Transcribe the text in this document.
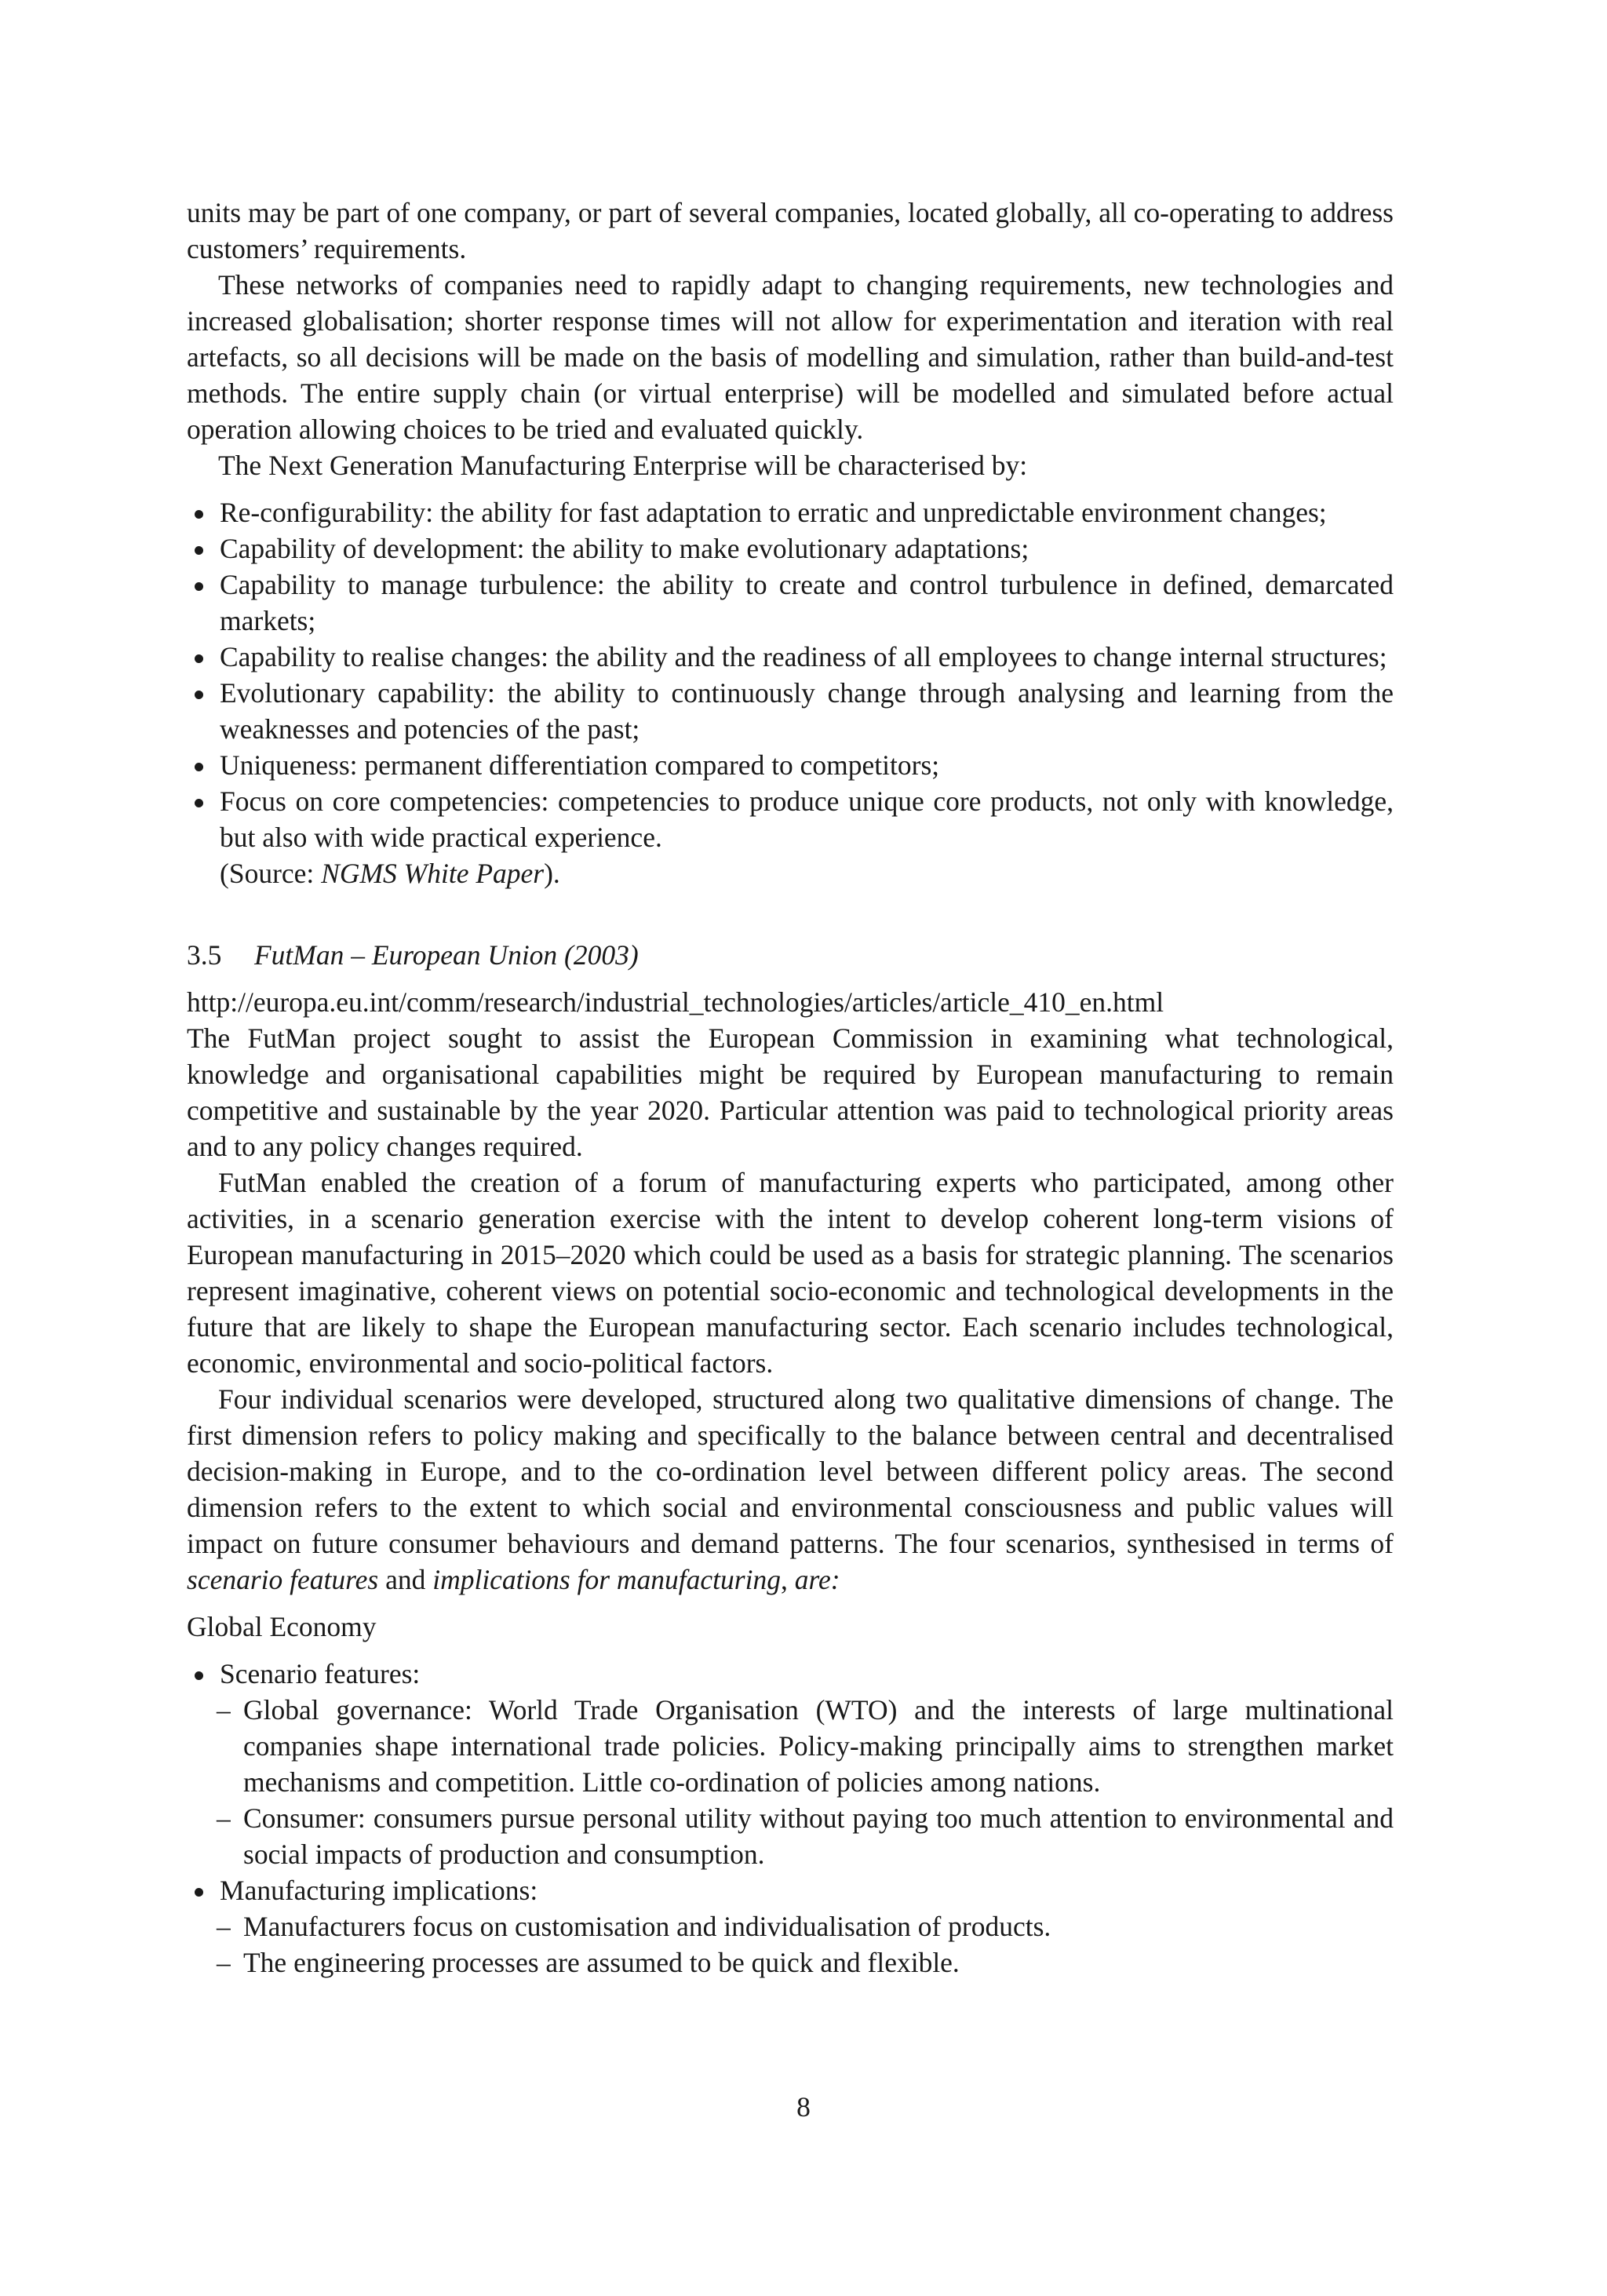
units may be part of one company, or part of several companies, located globally, all co-operating to address customers’ requirements.

These networks of companies need to rapidly adapt to changing requirements, new technologies and increased globalisation; shorter response times will not allow for experimentation and iteration with real artefacts, so all decisions will be made on the basis of modelling and simulation, rather than build-and-test methods. The entire supply chain (or virtual enterprise) will be modelled and simulated before actual operation allowing choices to be tried and evaluated quickly.

The Next Generation Manufacturing Enterprise will be characterised by:

Re-configurability: the ability for fast adaptation to erratic and unpredictable environment changes;
Capability of development: the ability to make evolutionary adaptations;
Capability to manage turbulence: the ability to create and control turbulence in defined, demarcated markets;
Capability to realise changes: the ability and the readiness of all employees to change internal structures;
Evolutionary capability: the ability to continuously change through analysing and learning from the weaknesses and potencies of the past;
Uniqueness: permanent differentiation compared to competitors;
Focus on core competencies: competencies to produce unique core products, not only with knowledge, but also with wide practical experience.

(Source: NGMS White Paper).

3.5 FutMan – European Union (2003)

http://europa.eu.int/comm/research/industrial_technologies/articles/article_410_en.html

The FutMan project sought to assist the European Commission in examining what technological, knowledge and organisational capabilities might be required by European manufacturing to remain competitive and sustainable by the year 2020. Particular attention was paid to technological priority areas and to any policy changes required.

FutMan enabled the creation of a forum of manufacturing experts who participated, among other activities, in a scenario generation exercise with the intent to develop coherent long-term visions of European manufacturing in 2015–2020 which could be used as a basis for strategic planning. The scenarios represent imaginative, coherent views on potential socio-economic and technological developments in the future that are likely to shape the European manufacturing sector. Each scenario includes technological, economic, environmental and socio-political factors.

Four individual scenarios were developed, structured along two qualitative dimensions of change. The first dimension refers to policy making and specifically to the balance between central and decentralised decision-making in Europe, and to the co-ordination level between different policy areas. The second dimension refers to the extent to which social and environmental consciousness and public values will impact on future consumer behaviours and demand patterns. The four scenarios, synthesised in terms of scenario features and implications for manufacturing, are:

Global Economy

Scenario features:
– Global governance: World Trade Organisation (WTO) and the interests of large multinational companies shape international trade policies. Policy-making principally aims to strengthen market mechanisms and competition. Little co-ordination of policies among nations.
– Consumer: consumers pursue personal utility without paying too much attention to environmental and social impacts of production and consumption.
Manufacturing implications:
– Manufacturers focus on customisation and individualisation of products.
– The engineering processes are assumed to be quick and flexible.
8
